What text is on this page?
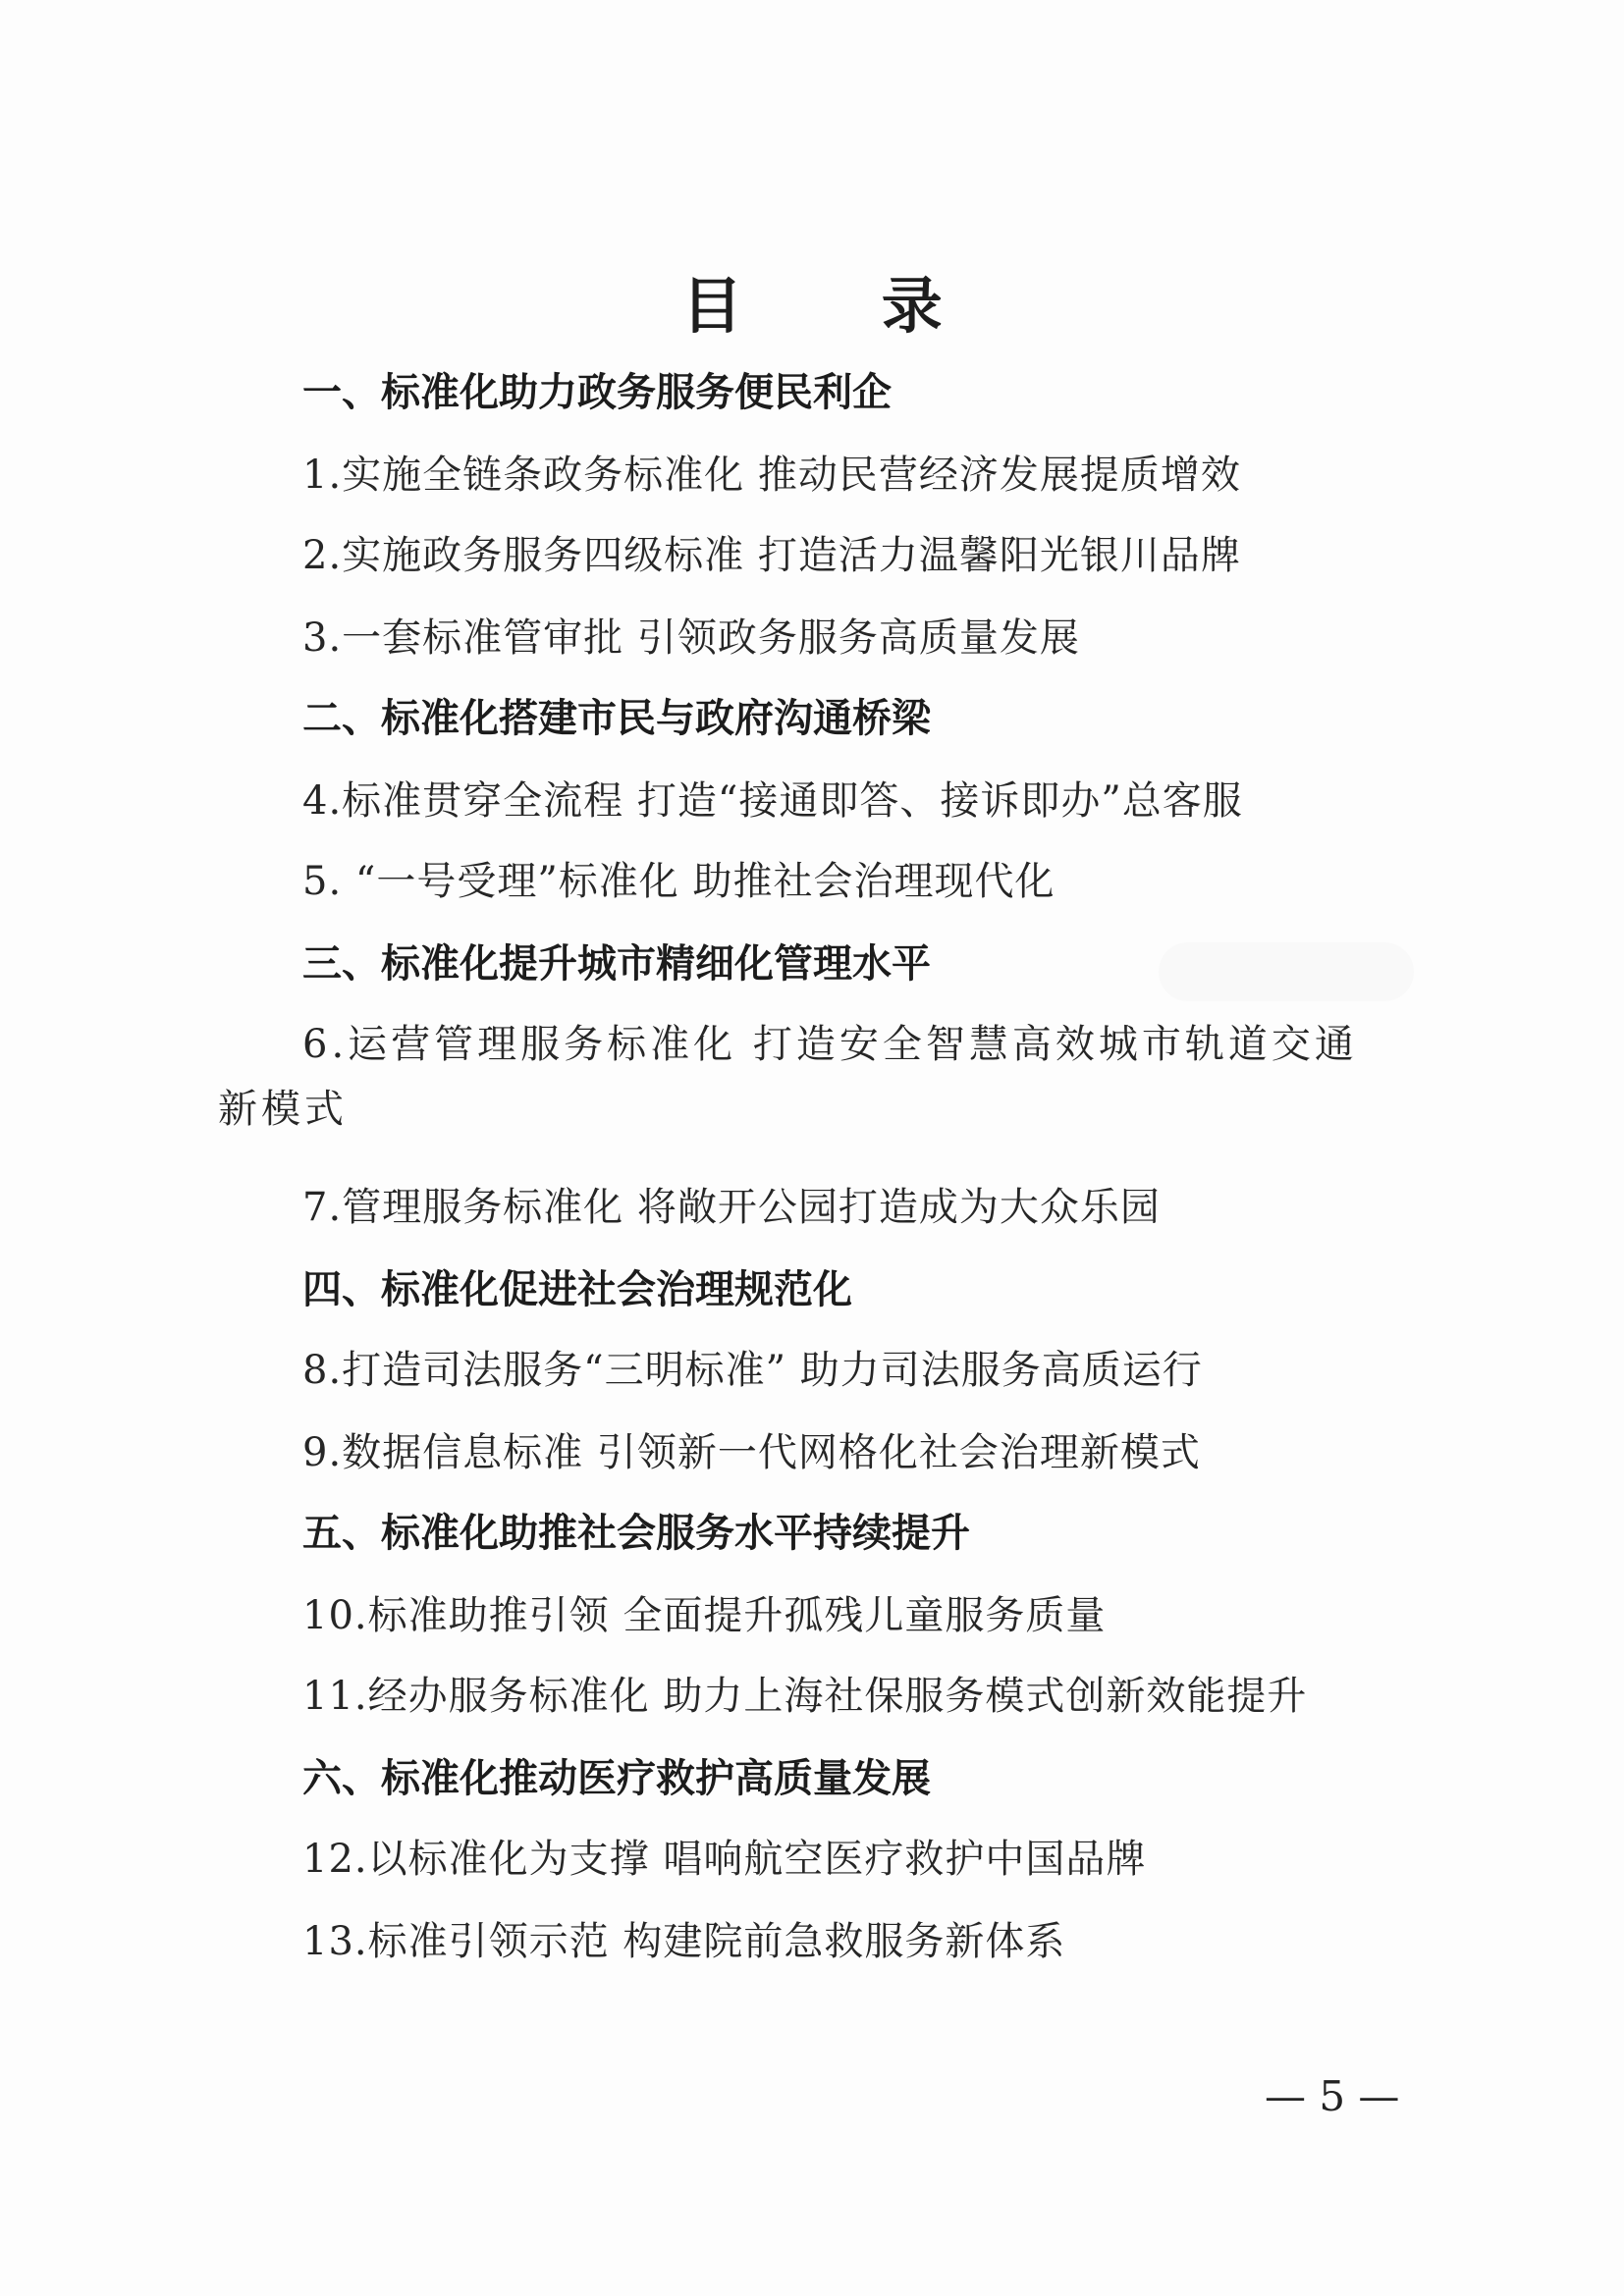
目 录
一、标准化助力政务服务便民利企
1.实施全链条政务标准化 推动民营经济发展提质增效
2.实施政务服务四级标准 打造活力温馨阳光银川品牌
3.一套标准管审批 引领政务服务高质量发展
二、标准化搭建市民与政府沟通桥梁
4.标准贯穿全流程 打造“接通即答、接诉即办”总客服
5. “一号受理”标准化 助推社会治理现代化
三、标准化提升城市精细化管理水平
6.运营管理服务标准化 打造安全智慧高效城市轨道交通
新模式
7.管理服务标准化 将敞开公园打造成为大众乐园
四、标准化促进社会治理规范化
8.打造司法服务“三明标准” 助力司法服务高质运行
9.数据信息标准 引领新一代网格化社会治理新模式
五、标准化助推社会服务水平持续提升
10.标准助推引领 全面提升孤残儿童服务质量
11.经办服务标准化 助力上海社保服务模式创新效能提升
六、标准化推动医疗救护高质量发展
12.以标准化为支撑 唱响航空医疗救护中国品牌
13.标准引领示范 构建院前急救服务新体系
— 5 —
